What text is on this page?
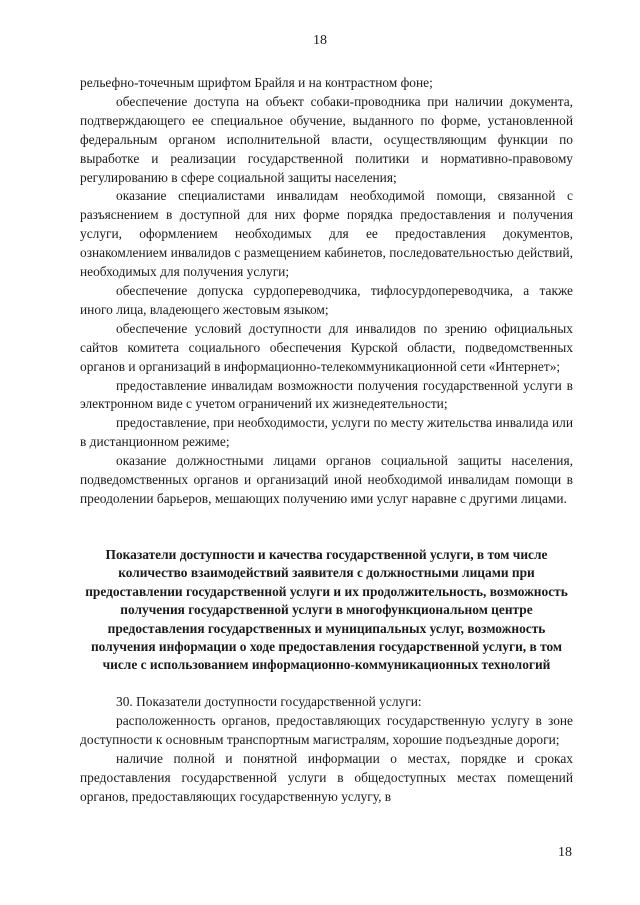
18

рельефно-точечным шрифтом Брайля и на контрастном фоне;

обеспечение доступа на объект собаки-проводника при наличии документа, подтверждающего ее специальное обучение, выданного по форме, установленной федеральным органом исполнительной власти, осуществляющим функции по выработке и реализации государственной политики и нормативно-правовому регулированию в сфере социальной защиты населения;

оказание специалистами инвалидам необходимой помощи, связанной с разъяснением в доступной для них форме порядка предоставления и получения услуги, оформлением необходимых для ее предоставления документов, ознакомлением инвалидов с размещением кабинетов, последовательностью действий, необходимых для получения услуги;

обеспечение допуска сурдопереводчика, тифлосурдопереводчика, а также иного лица, владеющего жестовым языком;

обеспечение условий доступности для инвалидов по зрению официальных сайтов комитета социального обеспечения Курской области, подведомственных органов и организаций в информационно-телекоммуникационной сети «Интернет»;

предоставление инвалидам возможности получения государственной услуги в электронном виде с учетом ограничений их жизнедеятельности;

предоставление, при необходимости, услуги по месту жительства инвалида или в дистанционном режиме;

оказание должностными лицами органов социальной защиты населения, подведомственных органов и организаций иной необходимой инвалидам помощи в преодолении барьеров, мешающих получению ими услуг наравне с другими лицами.

Показатели доступности и качества государственной услуги, в том числе количество взаимодействий заявителя с должностными лицами при предоставлении государственной услуги и их продолжительность, возможность получения государственной услуги в многофункциональном центре предоставления государственных и муниципальных услуг, возможность получения информации о ходе предоставления государственной услуги, в том числе с использованием информационно-коммуникационных технологий

30. Показатели доступности государственной услуги:

расположенность органов, предоставляющих государственную услугу в зоне доступности к основным транспортным магистралям, хорошие подъездные дороги;

наличие полной и понятной информации о местах, порядке и сроках предоставления государственной услуги в общедоступных местах помещений органов, предоставляющих государственную услугу, в

18
